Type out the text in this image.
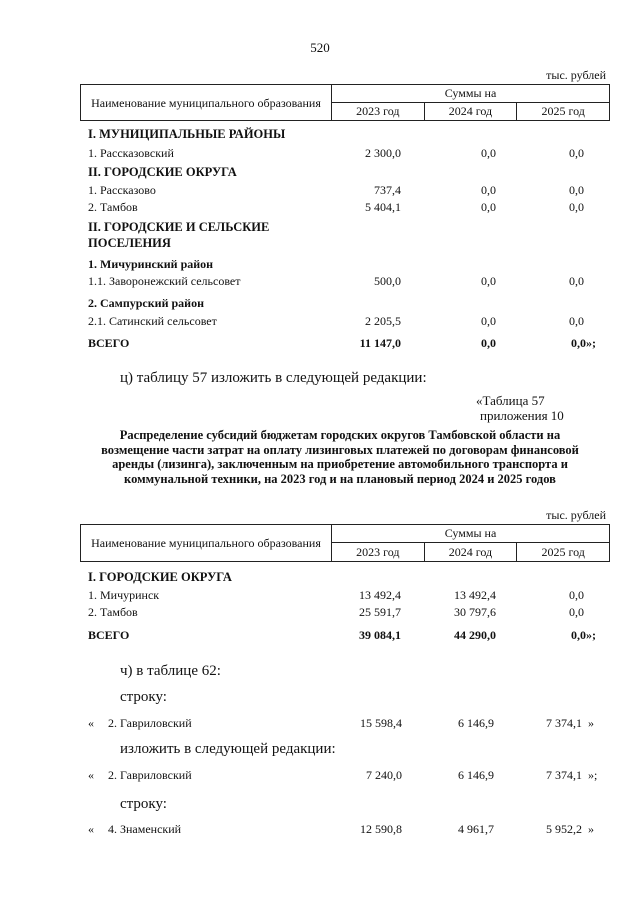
520
тыс. рублей
Наименование муниципального образования	Суммы на		
	2023 год	2024 год	2025 год
I. МУНИЦИПАЛЬНЫЕ РАЙОНЫ
1. Рассказовский	2 300,0	0,0	0,0
II. ГОРОДСКИЕ ОКРУГА
1. Рассказово	737,4	0,0	0,0
2. Тамбов	5 404,1	0,0	0,0
II. ГОРОДСКИЕ И СЕЛЬСКИЕ
ПОСЕЛЕНИЯ
1. Мичуринский район
1.1. Заворонежский сельсовет	500,0	0,0	0,0
2. Сампурский район
2.1. Сатинский сельсовет	2 205,5	0,0	0,0
ВСЕГО	11 147,0	0,0	0,0»;
ц) таблицу 57 изложить в следующей редакции:
«Таблица 57
приложения 10
Распределение субсидий бюджетам городских округов Тамбовской области на возмещение части затрат на оплату лизинговых платежей по договорам финансовой аренды (лизинга), заключенным на приобретение автомобильного транспорта и коммунальной техники, на 2023 год и на плановый период 2024 и 2025 годов
тыс. рублей
Наименование муниципального образования	Суммы на		
	2023 год	2024 год	2025 год
I. ГОРОДСКИЕ ОКРУГА
1. Мичуринск	13 492,4	13 492,4	0,0
2. Тамбов	25 591,7	30 797,6	0,0
ВСЕГО	39 084,1	44 290,0	0,0»;
ч) в таблице 62:
строку:
« 2. Гавриловский	15 598,4	6 146,9	7 374,1 »
изложить в следующей редакции:
« 2. Гавриловский	7 240,0	6 146,9	7 374,1 »;
строку:
« 4. Знаменский	12 590,8	4 961,7	5 952,2 »
